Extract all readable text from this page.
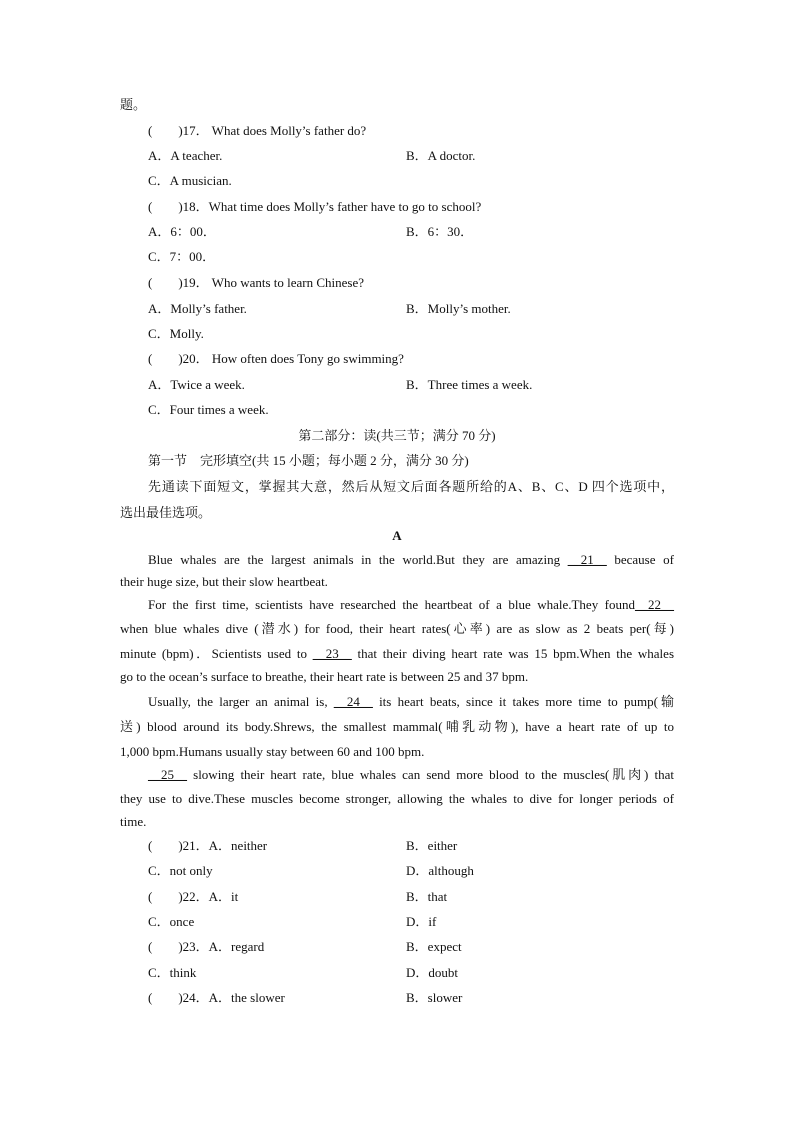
题。
(　　)17． What does Molly’s father do?
A．A teacher.	B．A doctor.
C．A musician.
(　　)18．What time does Molly’s father have to go to school?
A．6：00．	B．6：30．
C．7：00．
(　　)19． Who wants to learn Chinese?
A．Molly’s father.	B．Molly’s mother.
C．Molly.
(　　)20． How often does Tony go swimming?
A．Twice a week.	B．Three times a week.
C．Four times a week.
第二部分：读(共三节；满分 70 分)
第一节　完形填空(共 15 小题；每小题 2 分，满分 30 分)
先通读下面短文，掌握其大意，然后从短文后面各题所给的A、B、C、D 四个选项中，
选出最佳选项。
A
Blue whales are the largest animals in the world.But they are amazing __21__ because of
their huge size, but their slow heartbeat.
For the first time, scientists have researched the heartbeat of a blue whale.They found__22__
when blue whales dive (潜水) for food, their heart rates(心率) are as slow as 2 beats per(每)
minute (bpm)．Scientists used to __23__ that their diving heart rate was 15 bpm.When the whales
go to the ocean’s surface to breathe, their heart rate is between 25 and 37 bpm.
Usually, the larger an animal is, __24__ its heart beats, since it takes more time to pump(输
送) blood around its body.Shrews, the smallest mammal(哺乳动物), have a heart rate of up to
1,000 bpm.Humans usually stay between 60 and 100 bpm.
__25__ slowing their heart rate, blue whales can send more blood to the muscles(肌肉) that
they use to dive.These muscles become stronger, allowing the whales to dive for longer periods of
time.
(　　)21．A．neither	B．either
C．not only	D．although
(　　)22．A．it	B．that
C．once	D．if
(　　)23．A．regard	B．expect
C．think	D．doubt
(　　)24．A．the slower	B．slower
